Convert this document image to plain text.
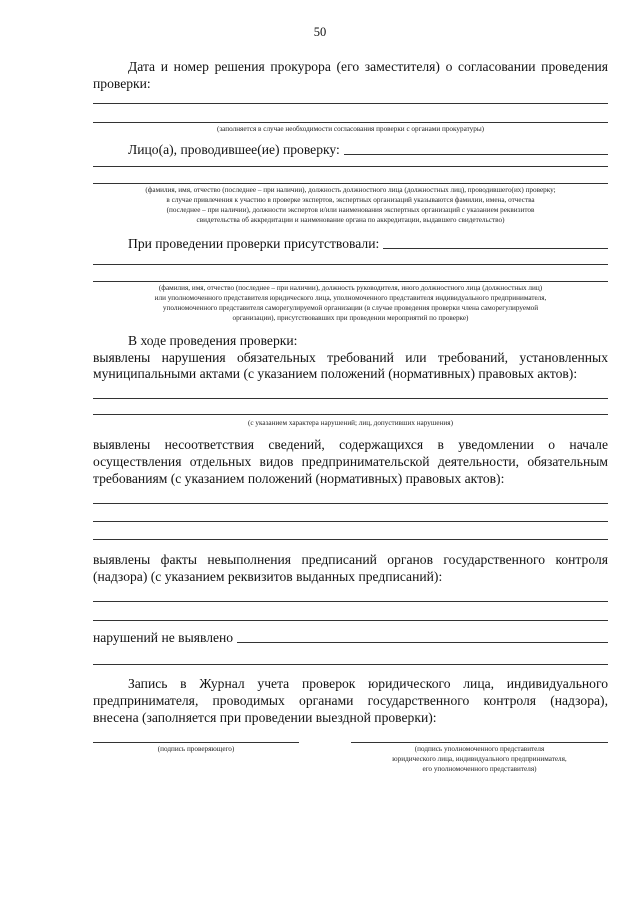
50
Дата и номер решения прокурора (его заместителя) о согласовании проведения
проверки:
(заполняется в случае необходимости согласования проверки с органами прокуратуры)
Лицо(а), проводившее(ие) проверку:
(фамилия, имя, отчество (последнее – при наличии), должность должностного лица (должностных лиц), проводившего(их) проверку;
в случае привлечения к участию в проверке экспертов, экспертных организаций указываются фамилии, имена, отчества
(последнее – при наличии), должности экспертов и/или наименования экспертных организаций с указанием реквизитов
свидетельства об аккредитации и наименование органа по аккредитации, выдавшего свидетельство)
При проведении проверки присутствовали:
(фамилия, имя, отчество (последнее – при наличии), должность руководителя, иного должностного лица (должностных лиц)
или уполномоченного представителя юридического лица, уполномоченного представителя индивидуального предпринимателя,
уполномоченного представителя саморегулируемой организации (в случае проведения проверки члена саморегулируемой
организации), присутствовавших при проведении мероприятий по проверке)
В ходе проведения проверки:
выявлены нарушения обязательных требований или требований, установленных
муниципальными актами (с указанием положений (нормативных) правовых актов):
(с указанием характера нарушений; лиц, допустивших нарушения)
выявлены несоответствия сведений, содержащихся в уведомлении о начале
осуществления отдельных видов предпринимательской деятельности, обязательным
требованиям (с указанием положений (нормативных) правовых актов):
выявлены факты невыполнения предписаний органов государственного контроля
(надзора) (с указанием реквизитов выданных предписаний):
нарушений не выявлено
Запись в Журнал учета проверок юридического лица, индивидуального
предпринимателя, проводимых органами государственного контроля (надзора),
внесена (заполняется при проведении выездной проверки):
(подпись проверяющего)	(подпись уполномоченного представителя
юридического лица, индивидуального предпринимателя,
его уполномоченного представителя)
